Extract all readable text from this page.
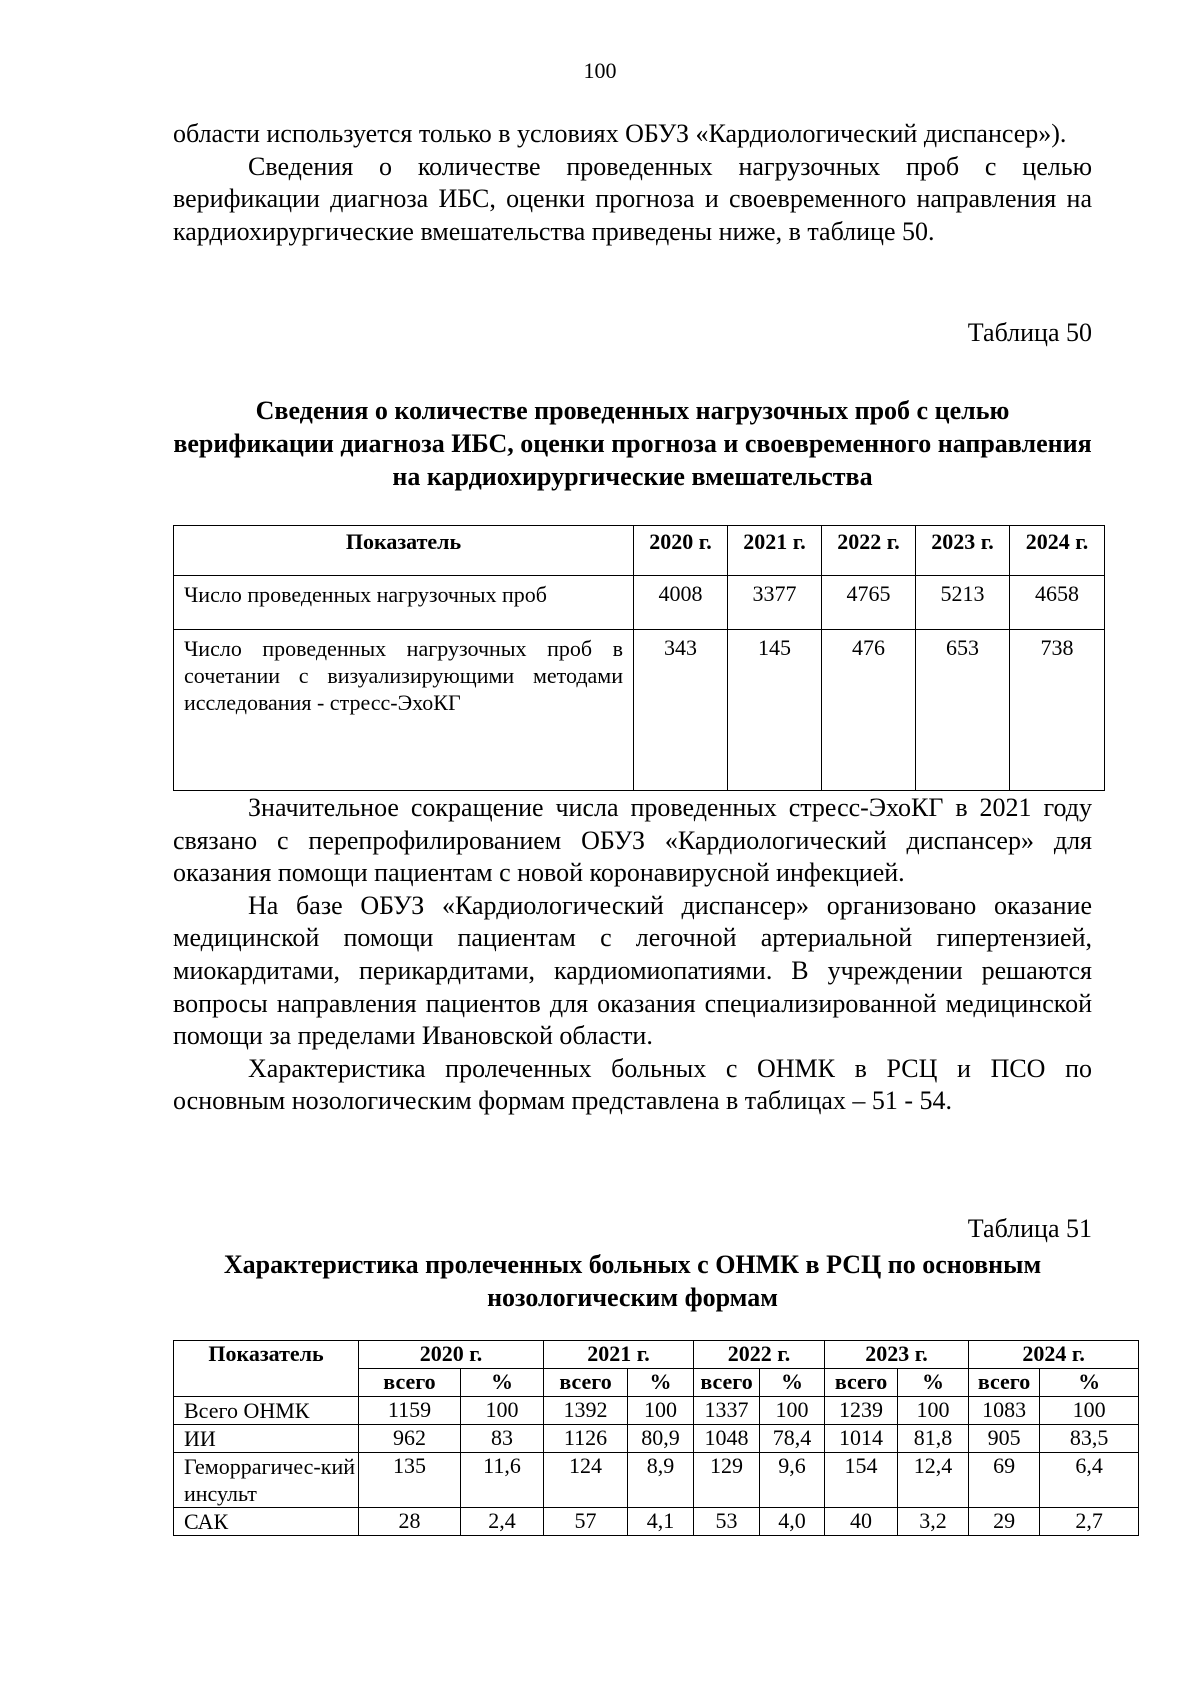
100

области используется только в условиях ОБУЗ «Кардиологический диспансер»).

Сведения о количестве проведенных нагрузочных проб с целью верификации диагноза ИБС, оценки прогноза и своевременного направления на кардиохирургические вмешательства приведены ниже, в таблице 50.

Таблица 50
Сведения о количестве проведенных нагрузочных проб с целью верификации диагноза ИБС, оценки прогноза и своевременного направления на кардиохирургические вмешательства
Показатель	2020 г.	2021 г.	2022 г.	2023 г.	2024 г.
Число проведенных нагрузочных проб	4008	3377	4765	5213	4658
Число проведенных нагрузочных проб в сочетании с визуализирующими методами исследования - стресс-ЭхоКГ	343	145	476	653	738

Значительное сокращение числа проведенных стресс-ЭхоКГ в 2021 году связано с перепрофилированием ОБУЗ «Кардиологический диспансер» для оказания помощи пациентам с новой коронавирусной инфекцией.

На базе ОБУЗ «Кардиологический диспансер» организовано оказание медицинской помощи пациентам с легочной артериальной гипертензией, миокардитами, перикардитами, кардиомиопатиями. В учреждении решаются вопросы направления пациентов для оказания специализированной медицинской помощи за пределами Ивановской области.

Характеристика пролеченных больных с ОНМК в РСЦ и ПСО по основным нозологическим формам представлена в таблицах – 51 - 54.

Таблица 51
Характеристика пролеченных больных с ОНМК в РСЦ по основным нозологическим формам
Показатель	2020 г.		2021 г.		2022 г.		2023 г.		2024 г.	
	всего	%	всего	%	всего	%	всего	%	всего	%
Всего ОНМК	1159	100	1392	100	1337	100	1239	100	1083	100
ИИ	962	83	1126	80,9	1048	78,4	1014	81,8	905	83,5
Геморрагичес-кий инсульт	135	11,6	124	8,9	129	9,6	154	12,4	69	6,4
САК	28	2,4	57	4,1	53	4,0	40	3,2	29	2,7
